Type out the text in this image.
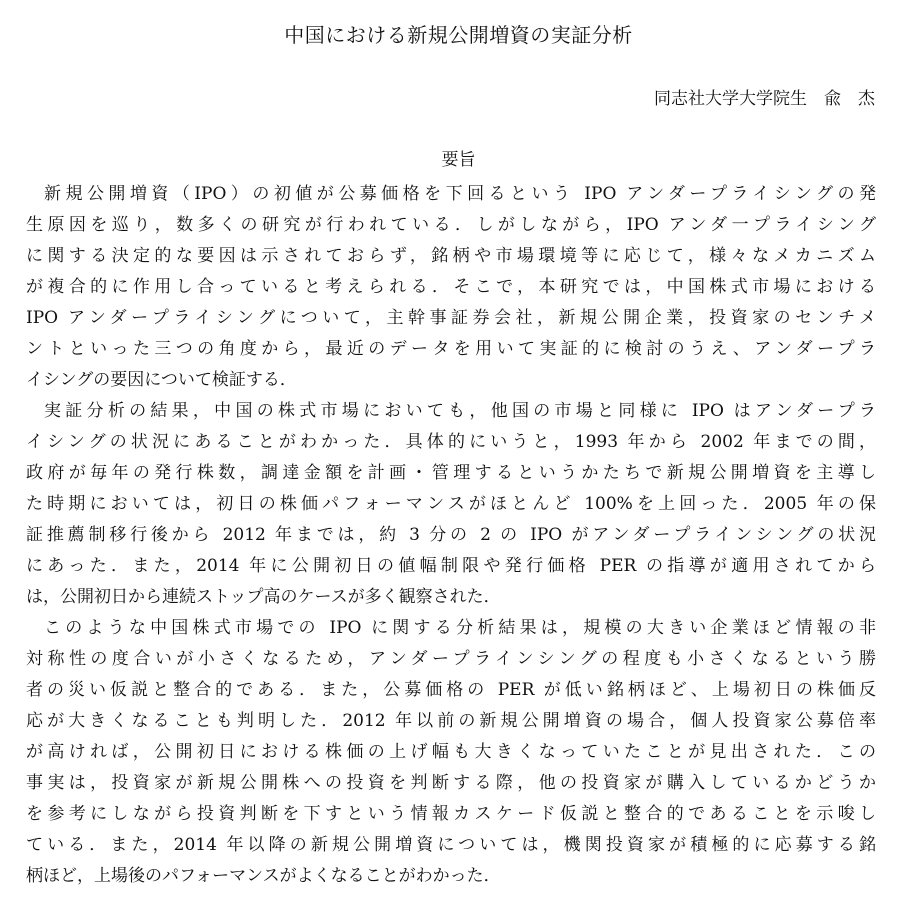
中国における新規公開増資の実証分析
同志社大学大学院生　兪　杰
要旨
新規公開増資（IPO）の初値が公募価格を下回るという IPO アンダープライシングの発
生原因を巡り，数多くの研究が行われている．しがしながら，IPO アンダ一プライシング
に関する決定的な要因は示されておらず，銘柄や市場環境等に応じて，様々なメカニズム
が複合的に作用し合っていると考えられる．そこで，本研究では，中国株式市場における
IPO アンダープライシングについて，主幹事証券会社，新規公開企業，投資家のセンチメ
ントといった三つの角度から，最近のデータを用いて実証的に検討のうえ、アンダープラ
イシングの要因について検証する．
実証分析の結果，中国の株式市場においても，他国の市場と同様に IPO はアンダープラ
イシングの状況にあることがわかった．具体的にいうと，1993 年から 2002 年までの間，
政府が毎年の発行株数，調達金額を計画・管理するというかたちで新規公開増資を主導し
た時期においては，初日の株価パフォーマンスがほとんど 100%を上回った．2005 年の保
証推薦制移行後から 2012 年までは，約 3 分の 2 の IPO がアンダープラインシングの状況
にあった．また，2014 年に公開初日の値幅制限や発行価格 PER の指導が適用されてから
は，公開初日から連続ストップ高のケースが多く観察された．
このような中国株式市場での IPO に関する分析結果は，規模の大きい企業ほど情報の非
対称性の度合いが小さくなるため，アンダープラインシングの程度も小さくなるという勝
者の災い仮説と整合的である．また，公募価格の PER が低い銘柄ほど、上場初日の株価反
応が大きくなることも判明した．2012 年以前の新規公開増資の場合，個人投資家公募倍率
が高ければ，公開初日における株価の上げ幅も大きくなっていたことが見出された．この
事実は，投資家が新規公開株への投資を判断する際，他の投資家が購入しているかどうか
を参考にしながら投資判断を下すという情報カスケード仮説と整合的であることを示唆し
ている．また，2014 年以降の新規公開増資については，機関投資家が積極的に応募する銘
柄ほど，上場後のパフォーマンスがよくなることがわかった．
